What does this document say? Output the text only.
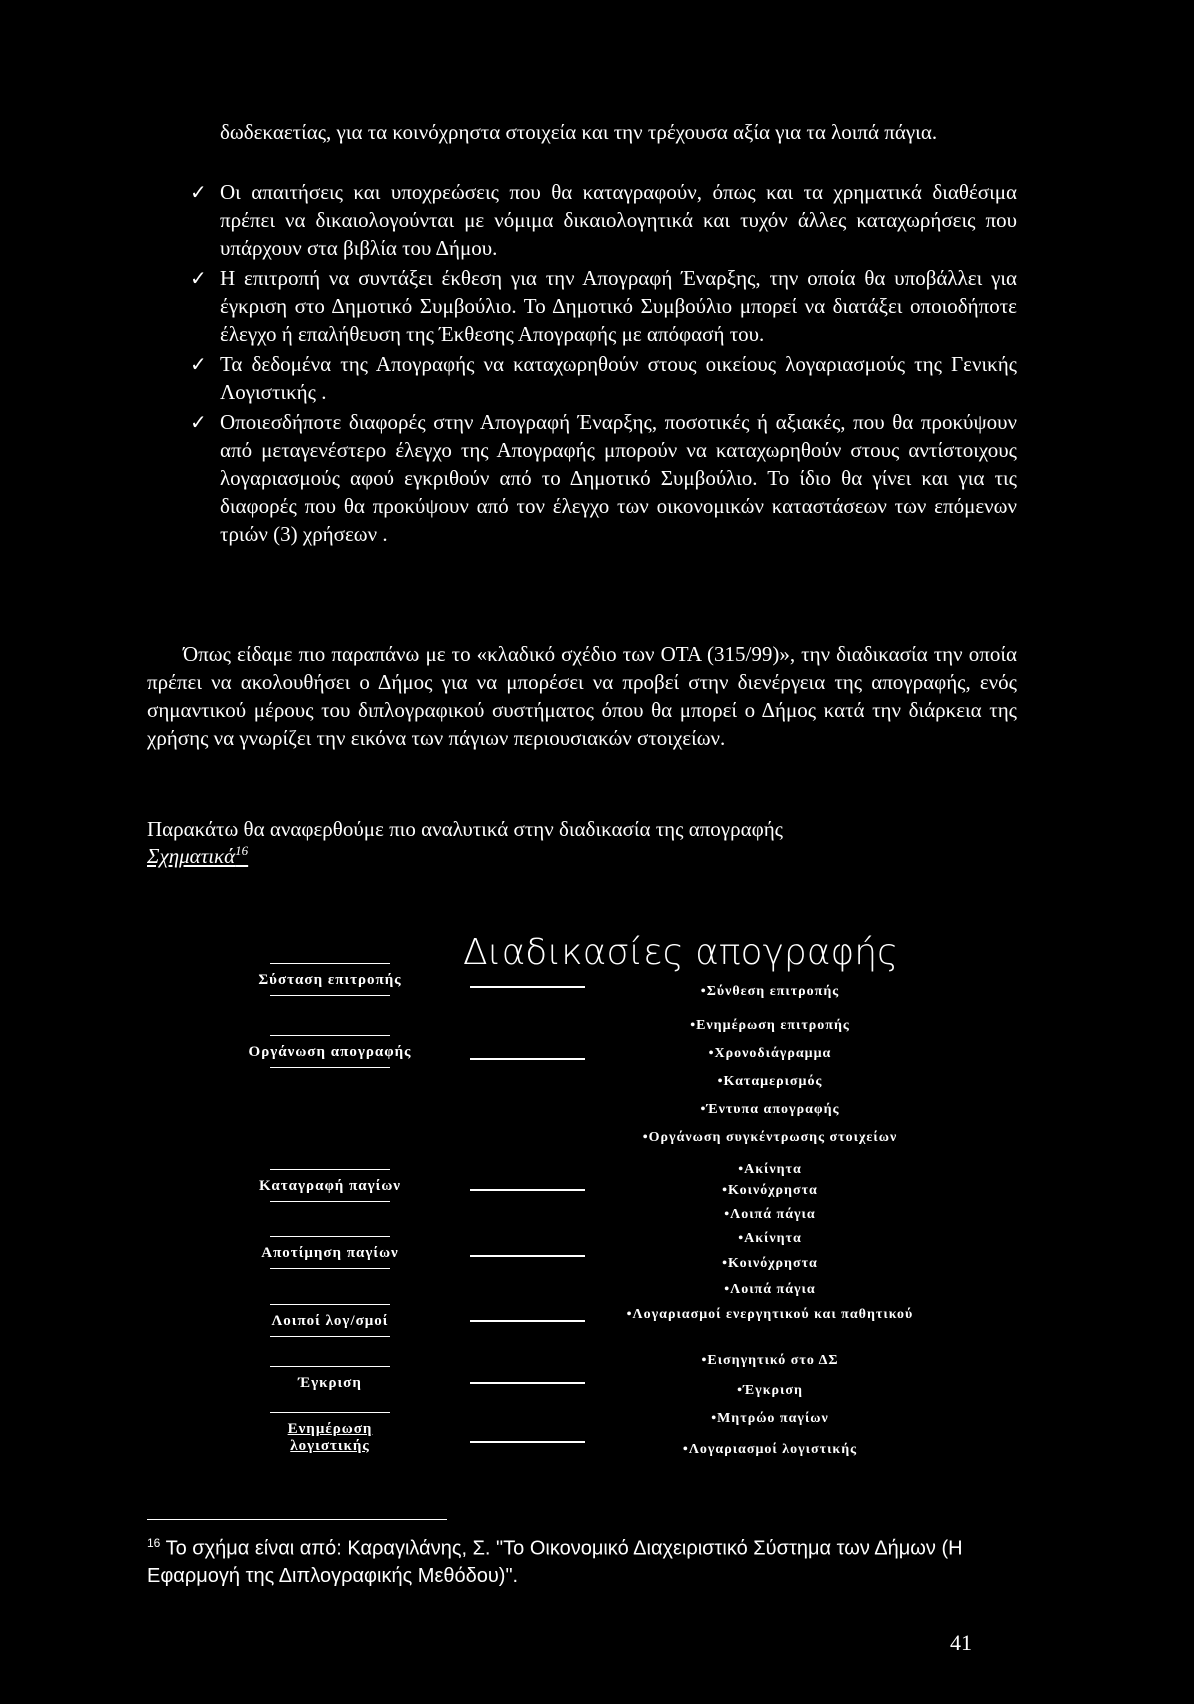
δωδεκαετίας, για τα κοινόχρηστα στοιχεία και την τρέχουσα αξία για τα λοιπά πάγια.
✓ Οι απαιτήσεις και υποχρεώσεις που θα καταγραφούν, όπως και τα χρηματικά διαθέσιμα πρέπει να δικαιολογούνται με νόμιμα δικαιολογητικά και τυχόν άλλες καταχωρήσεις που υπάρχουν στα βιβλία του Δήμου.
✓ Η επιτροπή να συντάξει έκθεση για την Απογραφή Έναρξης, την οποία θα υποβάλλει για έγκριση στο Δημοτικό Συμβούλιο. Το Δημοτικό Συμβούλιο μπορεί να διατάξει οποιοδήποτε έλεγχο ή επαλήθευση της Έκθεσης Απογραφής με απόφασή του.
✓ Τα δεδομένα της Απογραφής να καταχωρηθούν στους οικείους λογαριασμούς της Γενικής Λογιστικής .
✓ Οποιεσδήποτε διαφορές στην Απογραφή Έναρξης, ποσοτικές ή αξιακές, που θα προκύψουν από μεταγενέστερο έλεγχο της Απογραφής μπορούν να καταχωρηθούν στους αντίστοιχους λογαριασμούς αφού εγκριθούν από το Δημοτικό Συμβούλιο. Το ίδιο θα γίνει και για τις διαφορές που θα προκύψουν από τον έλεγχο των οικονομικών καταστάσεων των επόμενων τριών (3) χρήσεων .
Όπως είδαμε πιο παραπάνω με το «κλαδικό σχέδιο των ΟΤΑ (315/99)», την διαδικασία την οποία πρέπει να ακολουθήσει ο Δήμος για να μπορέσει να προβεί στην διενέργεια της απογραφής, ενός σημαντικού μέρους του διπλογραφικού συστήματος όπου θα μπορεί ο Δήμος κατά την διάρκεια της χρήσης να γνωρίζει την εικόνα των πάγιων περιουσιακών στοιχείων.
Παρακάτω θα αναφερθούμε πιο αναλυτικά στην διαδικασία της απογραφής
Σχηματικά$^{16}$
Διαδικασίες απογραφής
Σύσταση επιτροπής
Οργάνωση απογραφής
Καταγραφή παγίων
Αποτίμηση παγίων
Λοιποί λογ/σμοί
Έγκριση
Ενημέρωση λογιστικής
•Σύνθεση επιτροπής
•Ενημέρωση επιτροπής
•Χρονοδιάγραμμα
•Καταμερισμός
•Έντυπα απογραφής
•Οργάνωση συγκέντρωσης στοιχείων
•Ακίνητα
•Κοινόχρηστα
•Λοιπά πάγια
•Ακίνητα
•Κοινόχρηστα
•Λοιπά πάγια
•Λογαριασμοί ενεργητικού και παθητικού
•Εισηγητικό στο ΔΣ
•Έγκριση
•Μητρώο παγίων
•Λογαριασμοί λογιστικής
$^{16}$ Το σχήμα είναι από: Καραγιλάνης, Σ. "Το Οικονομικό Διαχειριστικό Σύστημα των Δήμων (Η Εφαρμογή της Διπλογραφικής Μεθόδου)".
41
